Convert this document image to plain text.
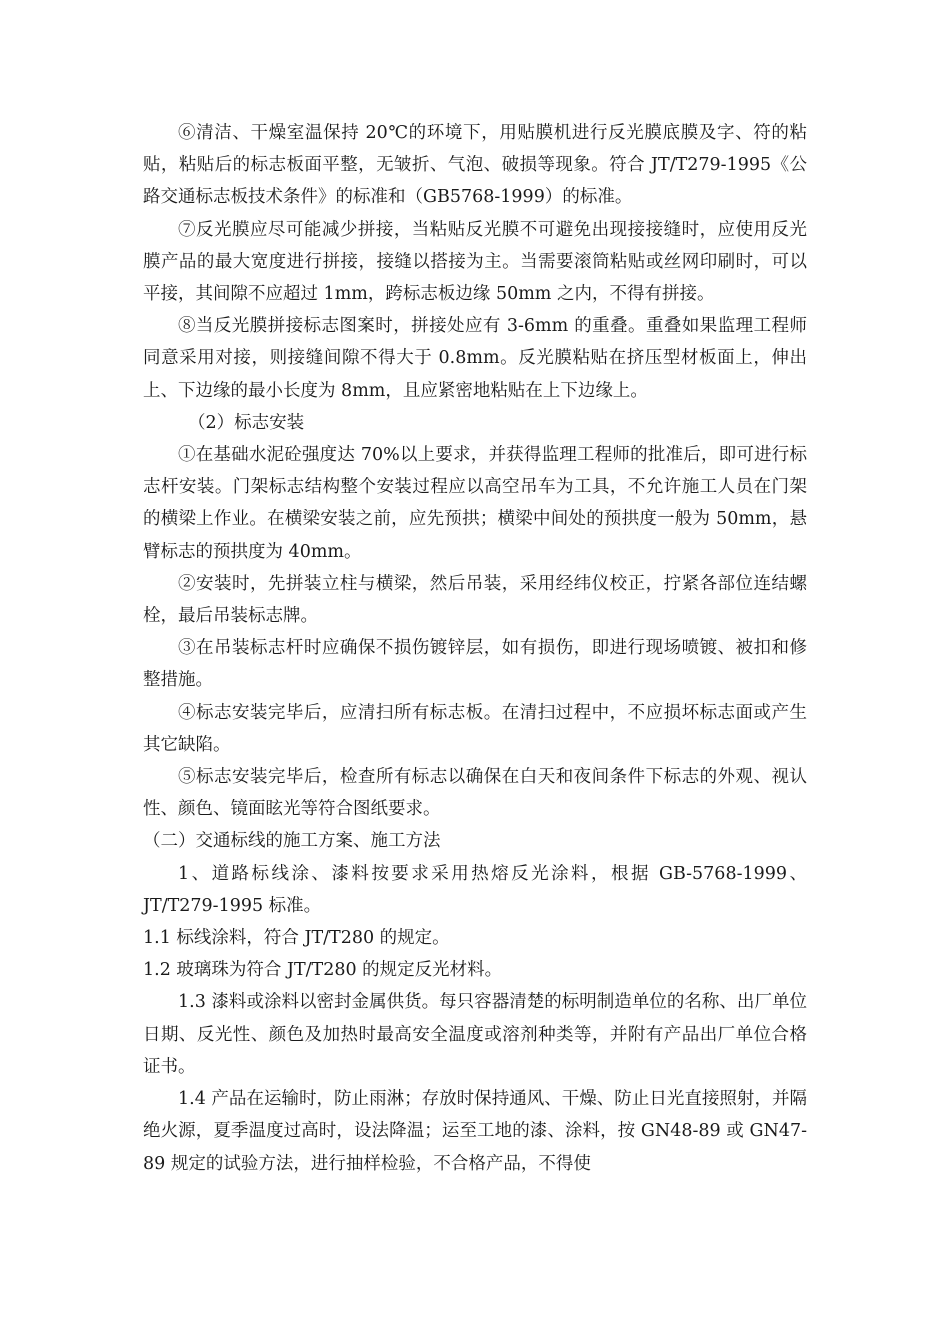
⑥清洁、干燥室温保持 20℃的环境下，用贴膜机进行反光膜底膜及字、符的粘贴，粘贴后的标志板面平整，无皱折、气泡、破损等现象。符合 JT/T279-1995《公路交通标志板技术条件》的标准和（GB5768-1999）的标准。

⑦反光膜应尽可能减少拼接，当粘贴反光膜不可避免出现接接缝时，应使用反光膜产品的最大宽度进行拼接，接缝以搭接为主。当需要滚筒粘贴或丝网印刷时，可以平接，其间隙不应超过 1mm，跨标志板边缘 50mm 之内，不得有拼接。

⑧当反光膜拼接标志图案时，拼接处应有 3-6mm 的重叠。重叠如果监理工程师同意采用对接，则接缝间隙不得大于 0.8mm。反光膜粘贴在挤压型材板面上，伸出上、下边缘的最小长度为 8mm，且应紧密地粘贴在上下边缘上。

（2）标志安装

①在基础水泥砼强度达 70%以上要求，并获得监理工程师的批准后，即可进行标志杆安装。门架标志结构整个安装过程应以高空吊车为工具，不允许施工人员在门架的横梁上作业。在横梁安装之前，应先预拱；横梁中间处的预拱度一般为 50mm，悬臂标志的预拱度为 40mm。

②安装时，先拼装立柱与横梁，然后吊装，采用经纬仪校正，拧紧各部位连结螺栓，最后吊装标志牌。

③在吊装标志杆时应确保不损伤镀锌层，如有损伤，即进行现场喷镀、被扣和修整措施。

④标志安装完毕后，应清扫所有标志板。在清扫过程中，不应损坏标志面或产生其它缺陷。

⑤标志安装完毕后，检查所有标志以确保在白天和夜间条件下标志的外观、视认性、颜色、镜面眩光等符合图纸要求。

（二）交通标线的施工方案、施工方法

1、道路标线涂、漆料按要求采用热熔反光涂料，根据 GB-5768-1999、JT/T279-1995 标准。

1.1 标线涂料，符合 JT/T280 的规定。

1.2 玻璃珠为符合 JT/T280 的规定反光材料。

1.3 漆料或涂料以密封金属供货。每只容器清楚的标明制造单位的名称、出厂单位日期、反光性、颜色及加热时最高安全温度或溶剂种类等，并附有产品出厂单位合格证书。

1.4 产品在运输时，防止雨淋；存放时保持通风、干燥、防止日光直接照射，并隔绝火源，夏季温度过高时，设法降温；运至工地的漆、涂料，按 GN48-89 或 GN47-89 规定的试验方法，进行抽样检验，不合格产品，不得使
